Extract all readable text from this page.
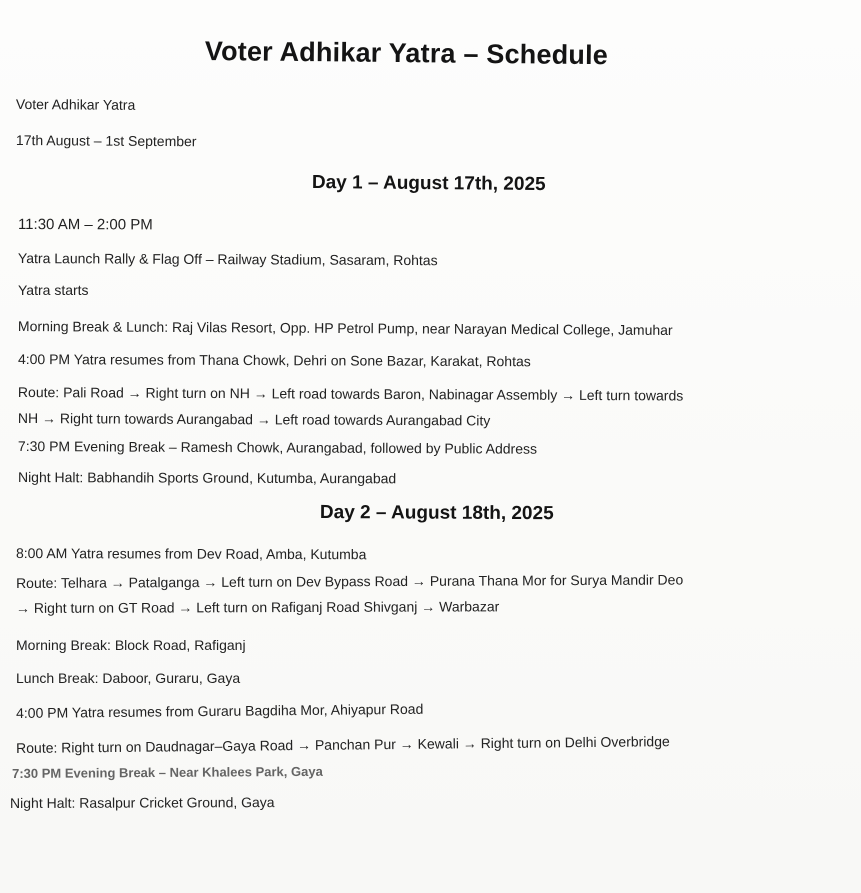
Voter Adhikar Yatra – Schedule
Voter Adhikar Yatra
17th August – 1st September
Day 1 – August 17th, 2025
11:30 AM – 2:00 PM
Yatra Launch Rally & Flag Off – Railway Stadium, Sasaram, Rohtas
Yatra starts
Morning Break & Lunch: Raj Vilas Resort, Opp. HP Petrol Pump, near Narayan Medical College, Jamuhar
4:00 PM Yatra resumes from Thana Chowk, Dehri on Sone Bazar, Karakat, Rohtas
Route: Pali Road → Right turn on NH → Left road towards Baron, Nabinagar Assembly → Left turn towards
NH → Right turn towards Aurangabad → Left road towards Aurangabad City
7:30 PM Evening Break – Ramesh Chowk, Aurangabad, followed by Public Address
Night Halt: Babhandih Sports Ground, Kutumba, Aurangabad
Day 2 – August 18th, 2025
8:00 AM Yatra resumes from Dev Road, Amba, Kutumba
Route: Telhara → Patalganga → Left turn on Dev Bypass Road → Purana Thana Mor for Surya Mandir Deo
→ Right turn on GT Road → Left turn on Rafiganj Road Shivganj → Warbazar
Morning Break: Block Road, Rafiganj
Lunch Break: Daboor, Guraru, Gaya
4:00 PM Yatra resumes from Guraru Bagdiha Mor, Ahiyapur Road
Route: Right turn on Daudnagar–Gaya Road → Panchan Pur → Kewali → Right turn on Delhi Overbridge
7:30 PM Evening Break – Near Khalees Park, Gaya
Night Halt: Rasalpur Cricket Ground, Gaya
